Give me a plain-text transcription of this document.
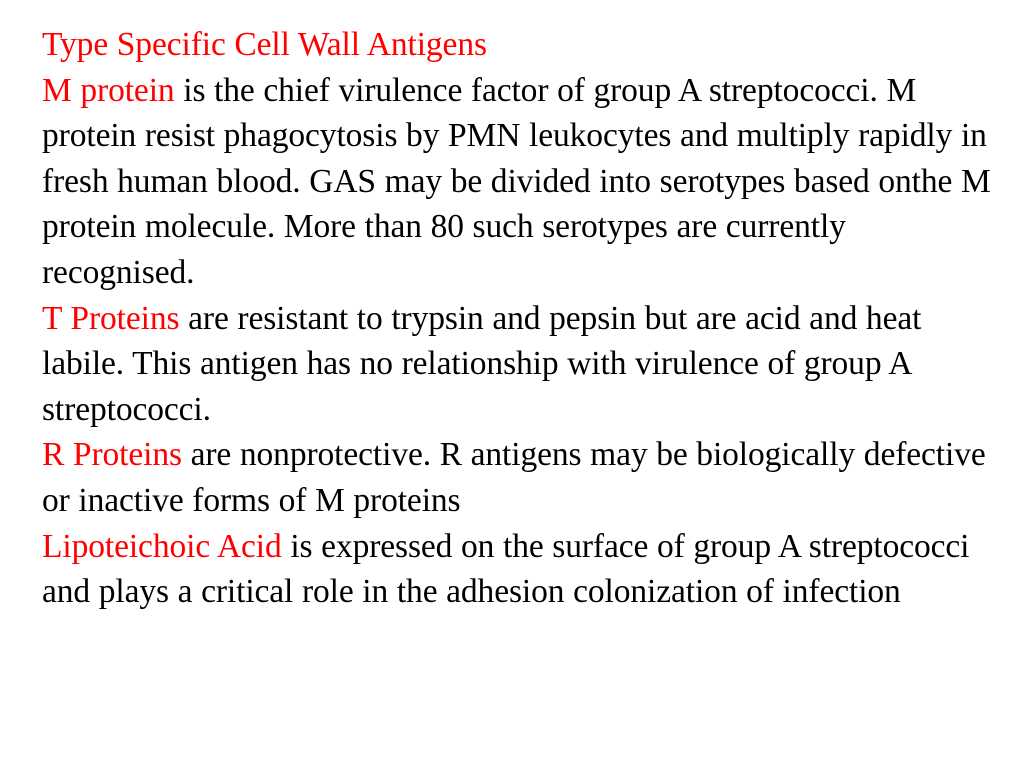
Type Specific Cell Wall Antigens

M protein is the chief virulence factor of group A streptococci. M protein resist phagocytosis by PMN leukocytes and multiply rapidly in fresh human blood. GAS may be divided into serotypes based onthe M protein molecule. More than 80 such serotypes are currently recognised.

T Proteins are resistant to trypsin and pepsin but are acid and heat labile. This antigen has no relationship with virulence of group A streptococci.

R Proteins are nonprotective. R antigens may be biologically defective or inactive forms of M proteins

Lipoteichoic Acid is expressed on the surface of group A streptococci and plays a critical role in the adhesion colonization of infection
